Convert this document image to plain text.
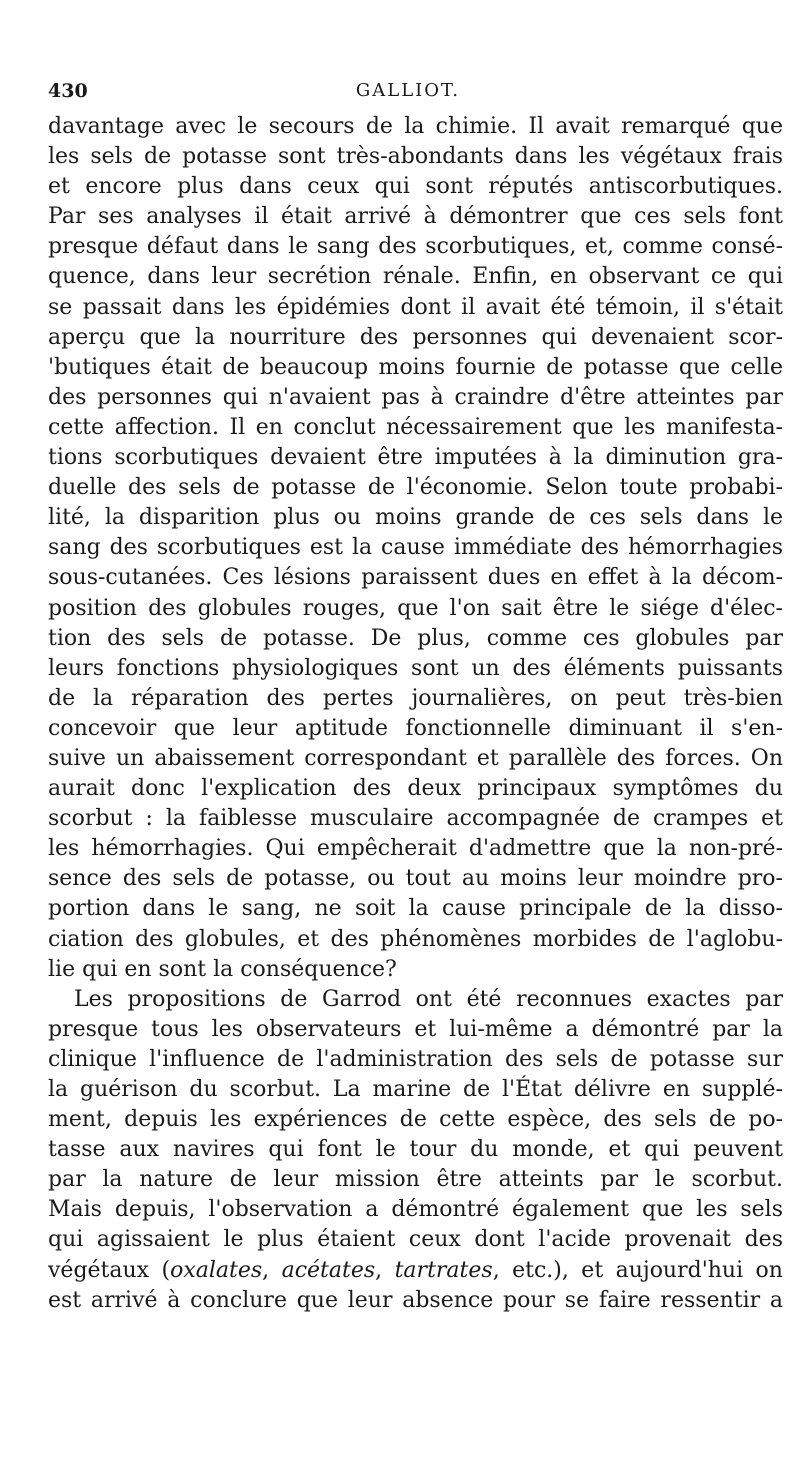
430	GALLIOT.
davantage avec le secours de la chimie. Il avait remarqué que
les sels de potasse sont très-abondants dans les végétaux frais
et encore plus dans ceux qui sont réputés antiscorbutiques.
Par ses analyses il était arrivé à démontrer que ces sels font
presque défaut dans le sang des scorbutiques, et, comme consé-
quence, dans leur secrétion rénale. Enfin, en observant ce qui
se passait dans les épidémies dont il avait été témoin, il s'était
aperçu que la nourriture des personnes qui devenaient scor-
'butiques était de beaucoup moins fournie de potasse que celle
des personnes qui n'avaient pas à craindre d'être atteintes par
cette affection. Il en conclut nécessairement que les manifesta-
tions scorbutiques devaient être imputées à la diminution gra-
duelle des sels de potasse de l'économie. Selon toute probabi-
lité, la disparition plus ou moins grande de ces sels dans le
sang des scorbutiques est la cause immédiate des hémorrhagies
sous-cutanées. Ces lésions paraissent dues en effet à la décom-
position des globules rouges, que l'on sait être le siége d'élec-
tion des sels de potasse. De plus, comme ces globules par
leurs fonctions physiologiques sont un des éléments puissants
de la réparation des pertes journalières, on peut très-bien
concevoir que leur aptitude fonctionnelle diminuant il s'en-
suive un abaissement correspondant et parallèle des forces. On
aurait donc l'explication des deux principaux symptômes du
scorbut : la faiblesse musculaire accompagnée de crampes et
les hémorrhagies. Qui empêcherait d'admettre que la non-pré-
sence des sels de potasse, ou tout au moins leur moindre pro-
portion dans le sang, ne soit la cause principale de la disso-
ciation des globules, et des phénomènes morbides de l'aglobu-
lie qui en sont la conséquence?
Les propositions de Garrod ont été reconnues exactes par
presque tous les observateurs et lui-même a démontré par la
clinique l'influence de l'administration des sels de potasse sur
la guérison du scorbut. La marine de l'État délivre en supplé-
ment, depuis les expériences de cette espèce, des sels de po-
tasse aux navires qui font le tour du monde, et qui peuvent
par la nature de leur mission être atteints par le scorbut.
Mais depuis, l'observation a démontré également que les sels
qui agissaient le plus étaient ceux dont l'acide provenait des
végétaux (oxalates, acétates, tartrates, etc.), et aujourd'hui on
est arrivé à conclure que leur absence pour se faire ressentir a
